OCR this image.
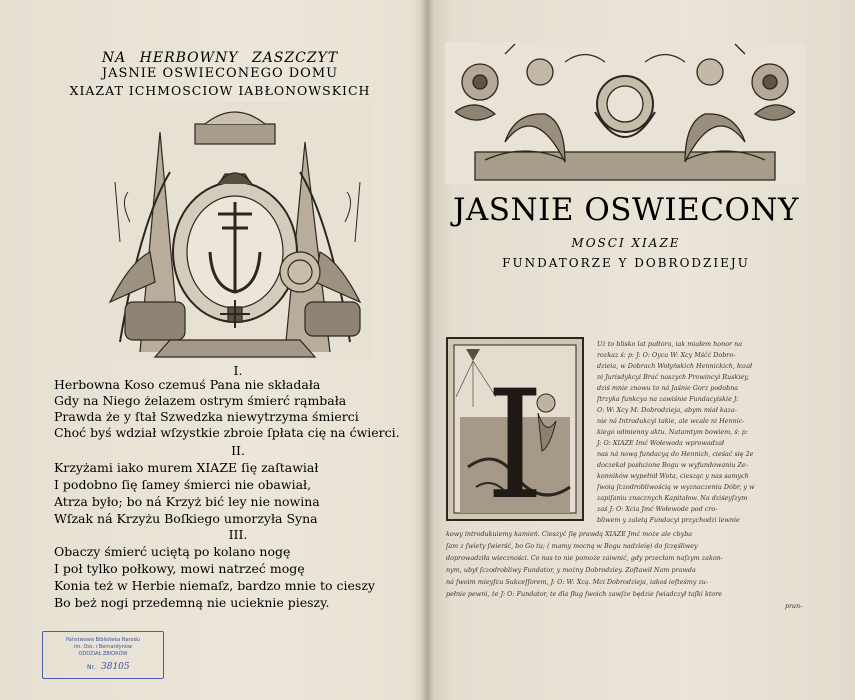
NA HERBOWNY ZASZCZYT
JASNIE OSWIECONEGO DOMU
XIAZAT ICHMOSCIOW IABŁONOWSKICH
I.
Herbowna Koso czemuś Pana nie składała
Gdy na Niego żelazem ostrym śmierć rąmbała
Prawda że y ſtał Szwedzka niewytrzyma śmierci
Choć byś wdział wſzystkie zbroie ſpłata cię na ćwierci.
II.
Krzyżami iako murem XIAZE ſię zaſtawiał
I podobno ſię ſamey śmierci nie obawiał,
Atrza było; bo ná Krzyż bić ley nie nowina
Wſzak ná Krzyżu Boſkiego umorzyła Syna
III.
Obaczy śmierć uciętą po kolano nogę
I poł tylko połkowy, mowi natrzeć mogę
Konia też w Herbie niemaſz, bardzo mnie to cieszy
Bo beż nogi przedemną nie ucieknie pieszy.
Państwowa Biblioteka Narodu
im. Oss. i Bernardynów
ODDZIAŁ ZBIORÓW
Nr. 38105
JASNIE OSWIECONY
MOSCI XIAZE
FUNDATORZE Y DOBRODZIEJU
I
Uż to blisko lat pułtora, iak miałem honor na
rozkaz ś: p: J: O: Oyca W: Xcy Mśćć Dobro-
dzieia, w Dobrach Wołyńskich Hennickich, łozał
ni Jurisdykcyi Brać naszych Prowincyi Ruskiey,
dziś mnie znowu to ná Jaśnie Gorz podobna
ſtrzyka funkcya na zawiśnie Fundacyiskie J:
O: W: Xcy M: Dobrodzieja, abym miał kaza-
nie ná Introdukcyi takie, ale wcale ni Hennic-
kiego odmienny aktu. Natamtym bowiem, ś: p:
J: O: XIAZE Imć Wołewoda wprowadzał
nas ná nową fundacyą do Hennich, cieśać się 2e
doczekał posłużone Bogu w wyfundowaniu Ze-
konników wypełnił Wota, ciesząc y nas samych
ſwoią ſczodrobliwością w wyznaczeniu Dóbr, y w
zapiſaniu znacznych Kapitałow. Na dziśeyſzym
zaś J: O: Xcia Jmć Wołewode pod cro-
bliwem y zaletą Fundacyi przychodzi lewnie
kowy introdukuiemy kamień. Cieszyć ſię prawdą XIAZE Jmć może ale cbyba
ſam z ſwiety ſwierść, bo Go tu; ( mamy mocną w Bogu nadzieię) do ſczęśliwey
doprowadziła wieczności. Co nas to nie pomoże zaiwnić, gdy przecłam naſzym zakon-
nym, ubył ſczodrobliwy Fundator, y możny Dobrodziey. Zoſtawił Nam prawda
ná ſwoim mieyſcu Sukceſſorem, J: O: W: Xcą. Mci Dobrodzieja, iakoś ieſteśmy zu-
pełnie pewni, że J: O: Fundator, te dla ſług ſwoich zawſze będzie ſwiadczył taſki ktore
pran-
